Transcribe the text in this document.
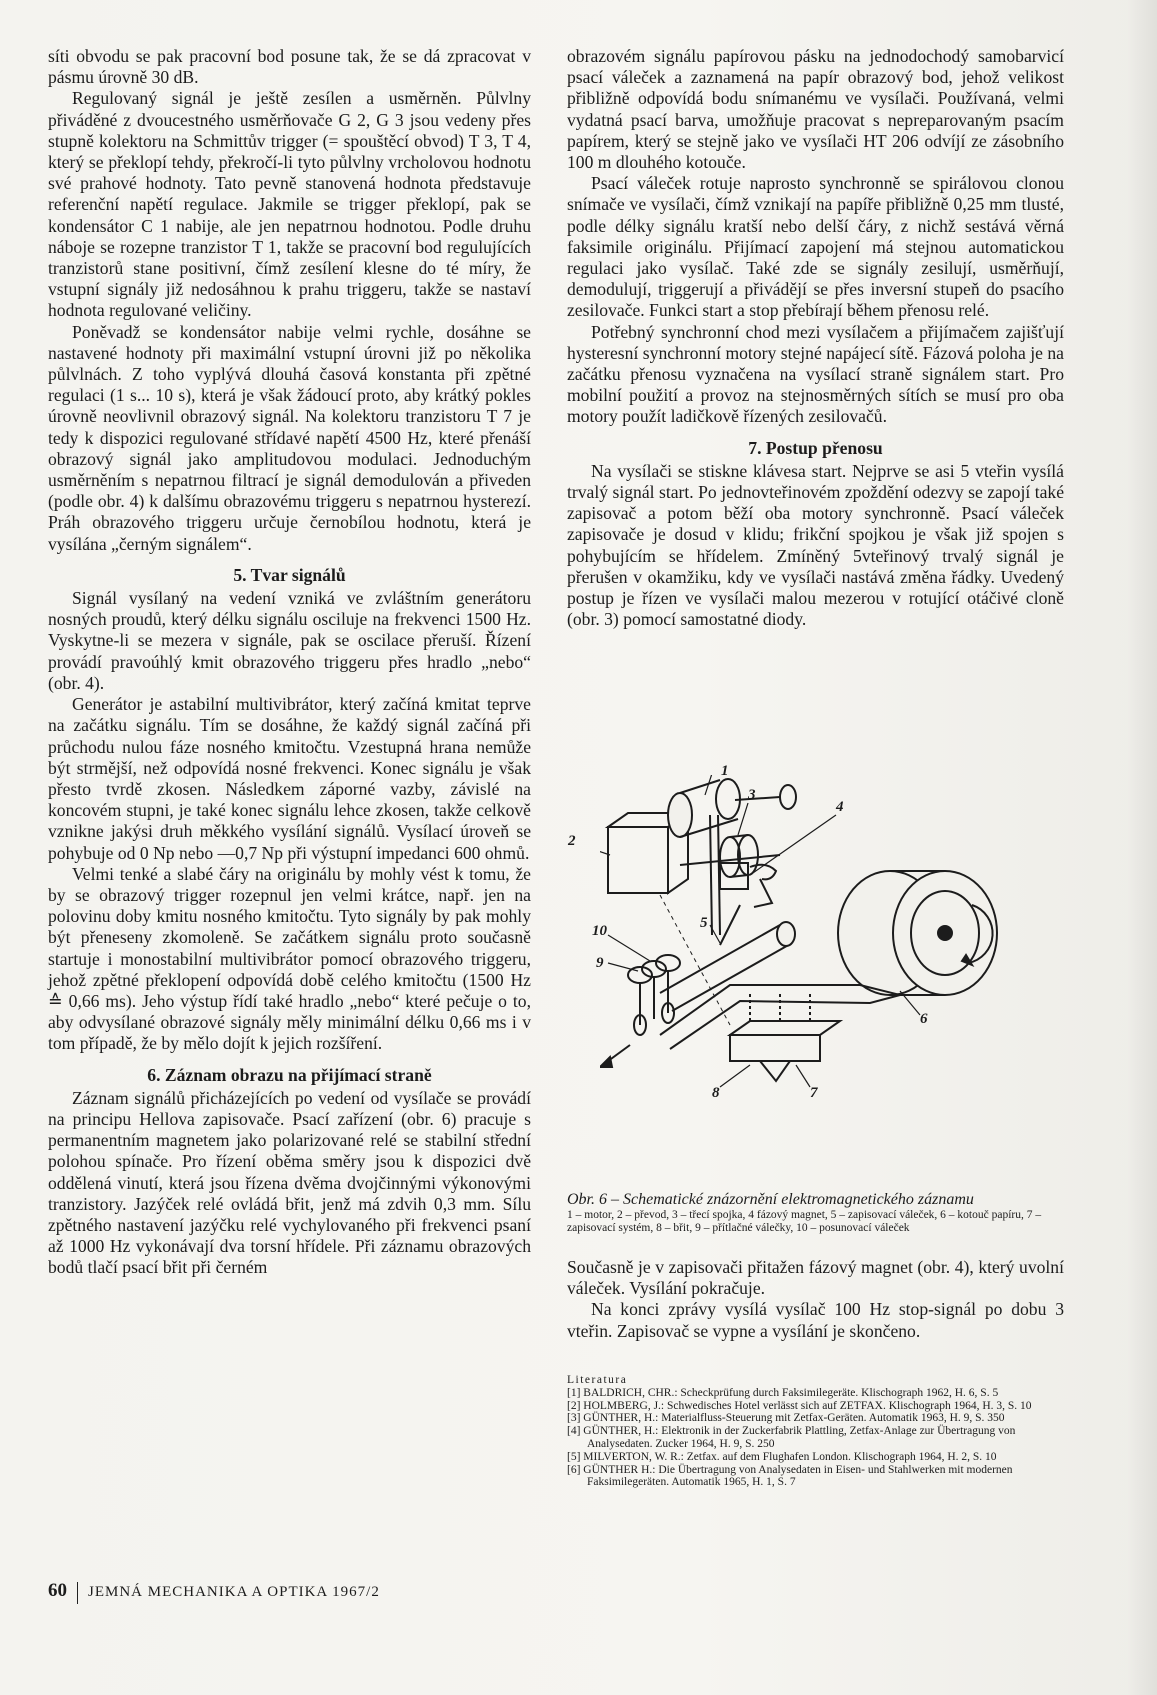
síti obvodu se pak pracovní bod posune tak, že se dá zpracovat v pásmu úrovně 30 dB.

Regulovaný signál je ještě zesílen a usměrněn. Půlvlny přiváděné z dvoucestného usměrňovače G 2, G 3 jsou vedeny přes stupně kolektoru na Schmittův trigger (= spouštěcí obvod) T 3, T 4, který se překlopí tehdy, překročí-li tyto půlvlny vrcholovou hodnotu své prahové hodnoty. Tato pevně stanovená hodnota představuje referenční napětí regulace. Jakmile se trigger překlopí, pak se kondensátor C 1 nabije, ale jen nepatrnou hodnotou. Podle druhu náboje se rozepne tranzistor T 1, takže se pracovní bod regulujících tranzistorů stane positivní, čímž zesílení klesne do té míry, že vstupní signály již nedosáhnou k prahu triggeru, takže se nastaví hodnota regulované veličiny.

Poněvadž se kondensátor nabije velmi rychle, dosáhne se nastavené hodnoty při maximální vstupní úrovni již po několika půlvlnách. Z toho vyplývá dlouhá časová konstanta při zpětné regulaci (1 s... 10 s), která je však žádoucí proto, aby krátký pokles úrovně neovlivnil obrazový signál. Na kolektoru tranzistoru T 7 je tedy k dispozici regulované střídavé napětí 4500 Hz, které přenáší obrazový signál jako amplitudovou modulaci. Jednoduchým usměrněním s nepatrnou filtrací je signál demodulován a přiveden (podle obr. 4) k dalšímu obrazovému triggeru s nepatrnou hysterezí. Práh obrazového triggeru určuje černobílou hodnotu, která je vysílána „černým signálem“.

5. Tvar signálů

Signál vysílaný na vedení vzniká ve zvláštním generátoru nosných proudů, který délku signálu osciluje na frekvenci 1500 Hz. Vyskytne-li se mezera v signále, pak se oscilace přeruší. Řízení provádí pravoúhlý kmit obrazového triggeru přes hradlo „nebo“ (obr. 4).

Generátor je astabilní multivibrátor, který začíná kmitat teprve na začátku signálu. Tím se dosáhne, že každý signál začíná při průchodu nulou fáze nosného kmitočtu. Vzestupná hrana nemůže být strmější, než odpovídá nosné frekvenci. Konec signálu je však přesto tvrdě zkosen. Následkem záporné vazby, závislé na koncovém stupni, je také konec signálu lehce zkosen, takže celkově vznikne jakýsi druh měkkého vysílání signálů. Vysílací úroveň se pohybuje od 0 Np nebo —0,7 Np při výstupní impedanci 600 ohmů.

Velmi tenké a slabé čáry na originálu by mohly vést k tomu, že by se obrazový trigger rozepnul jen velmi krátce, např. jen na polovinu doby kmitu nosného kmitočtu. Tyto signály by pak mohly být přeneseny zkomoleně. Se začátkem signálu proto současně startuje i monostabilní multivibrátor pomocí obrazového triggeru, jehož zpětné překlopení odpovídá době celého kmitočtu (1500 Hz ≙ 0,66 ms). Jeho výstup řídí také hradlo „nebo“ které pečuje o to, aby odvysílané obrazové signály měly minimální délku 0,66 ms i v tom případě, že by mělo dojít k jejich rozšíření.

6. Záznam obrazu na přijímací straně

Záznam signálů přicházejících po vedení od vysílače se provádí na principu Hellova zapisovače. Psací zařízení (obr. 6) pracuje s permanentním magnetem jako polarizované relé se stabilní střední polohou spínače. Pro řízení oběma směry jsou k dispozici dvě oddělená vinutí, která jsou řízena dvěma dvojčinnými výkonovými tranzistory. Jazýček relé ovládá břit, jenž má zdvih 0,3 mm. Sílu zpětného nastavení jazýčku relé vychylovaného při frekvenci psaní až 1000 Hz vykonávají dva torsní hřídele. Při záznamu obrazových bodů tlačí psací břit při černém

obrazovém signálu papírovou pásku na jednodochodý samobarvicí psací váleček a zaznamená na papír obrazový bod, jehož velikost přibližně odpovídá bodu snímanému ve vysílači. Používaná, velmi vydatná psací barva, umožňuje pracovat s nepreparovaným psacím papírem, který se stejně jako ve vysílači HT 206 odvíjí ze zásobního 100 m dlouhého kotouče.

Psací váleček rotuje naprosto synchronně se spirálovou clonou snímače ve vysílači, čímž vznikají na papíře přibližně 0,25 mm tlusté, podle délky signálu kratší nebo delší čáry, z nichž sestává věrná faksimile originálu. Přijímací zapojení má stejnou automatickou regulaci jako vysílač. Také zde se signály zesilují, usměrňují, demodulují, triggerují a přivádějí se přes inversní stupeň do psacího zesilovače. Funkci start a stop přebírají během přenosu relé.

Potřebný synchronní chod mezi vysílačem a přijímačem zajišťují hysteresní synchronní motory stejné napájecí sítě. Fázová poloha je na začátku přenosu vyznačena na vysílací straně signálem start. Pro mobilní použití a provoz na stejnosměrných sítích se musí pro oba motory použít ladičkově řízených zesilovačů.

7. Postup přenosu

Na vysílači se stiskne klávesa start. Nejprve se asi 5 vteřin vysílá trvalý signál start. Po jednovteřinovém zpoždění odezvy se zapojí také zapisovač a potom běží oba motory synchronně. Psací váleček zapisovače je dosud v klidu; frikční spojkou je však již spojen s pohybujícím se hřídelem. Zmíněný 5vteřinový trvalý signál je přerušen v okamžiku, kdy ve vysílači nastává změna řádky. Uvedený postup je řízen ve vysílači malou mezerou v rotující otáčivé cloně (obr. 3) pomocí samostatné diody.

1
2
3
4
5
6
7
8
9
10
Obr. 6 – Schematické znázornění elektromagnetického záznamu
1 – motor, 2 – převod, 3 – třecí spojka, 4 fázový magnet, 5 – zapisovací váleček, 6 – kotouč papíru, 7 – zapisovací systém, 8 – břit, 9 – přítlačné válečky, 10 – posunovací váleček

Současně je v zapisovači přitažen fázový magnet (obr. 4), který uvolní váleček. Vysílání pokračuje.

Na konci zprávy vysílá vysílač 100 Hz stop-signál po dobu 3 vteřin. Zapisovač se vypne a vysílání je skončeno.

Literatura
[1] BALDRICH, CHR.: Scheckprüfung durch Faksimilegeräte. Klischograph 1962, H. 6, S. 5
[2] HOLMBERG, J.: Schwedisches Hotel verlässt sich auf ZETFAX. Klischograph 1964, H. 3, S. 10
[3] GÜNTHER, H.: Materialfluss-Steuerung mit Zetfax-Geräten. Automatik 1963, H. 9, S. 350
[4] GÜNTHER, H.: Elektronik in der Zuckerfabrik Plattling, Zetfax-Anlage zur Übertragung von Analysedaten. Zucker 1964, H. 9, S. 250
[5] MILVERTON, W. R.: Zetfax. auf dem Flughafen London. Klischograph 1964, H. 2, S. 10
[6] GÜNTHER H.: Die Übertragung von Analysedaten in Eisen- und Stahlwerken mit modernen Faksimilegeräten. Automatik 1965, H. 1, S. 7
60 JEMNÁ MECHANIKA A OPTIKA 1967/2
